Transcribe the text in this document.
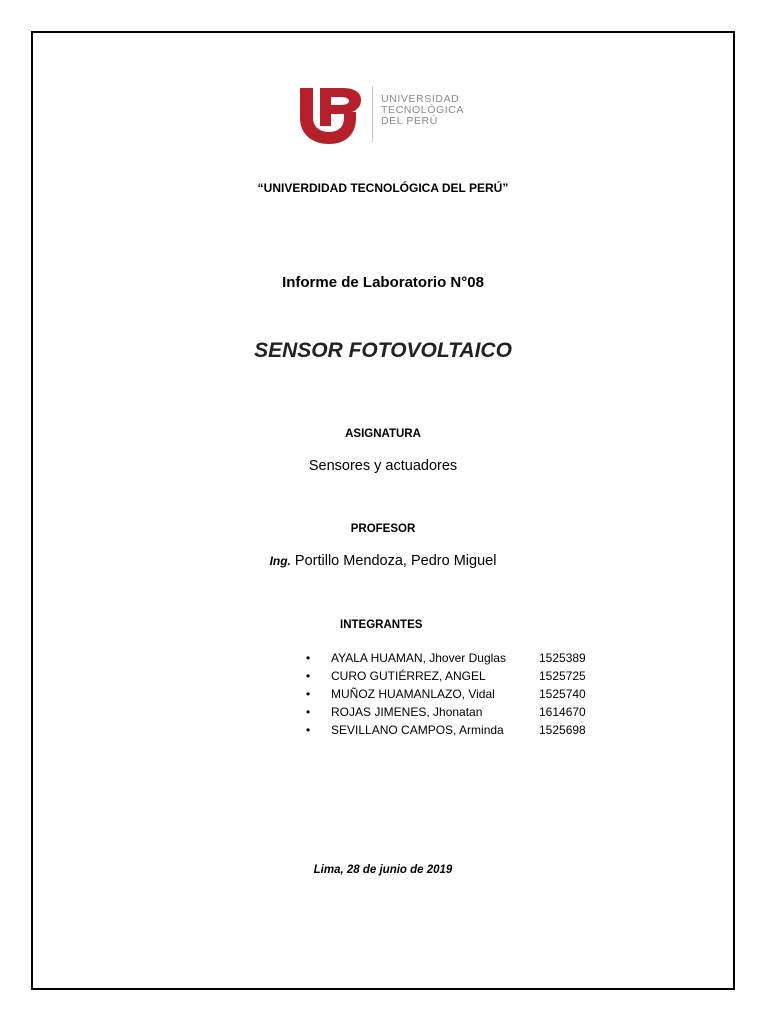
UNIVERSIDAD
TECNOLÓGICA
DEL PERÚ
“UNIVERDIDAD TECNOLÓGICA DEL PERÚ”
Informe de Laboratorio N°08
SENSOR FOTOVOLTAICO
ASIGNATURA
Sensores y actuadores
PROFESOR
Ing. Portillo Mendoza, Pedro Miguel
INTEGRANTES
• AYALA HUAMAN, Jhover Duglas	1525389
• CURO GUTIÉRREZ, ANGEL	1525725
• MUÑOZ HUAMANLAZO, Vidal	1525740
• ROJAS JIMENES, Jhonatan	1614670
• SEVILLANO CAMPOS, Arminda	1525698
Lima, 28 de junio de 2019
